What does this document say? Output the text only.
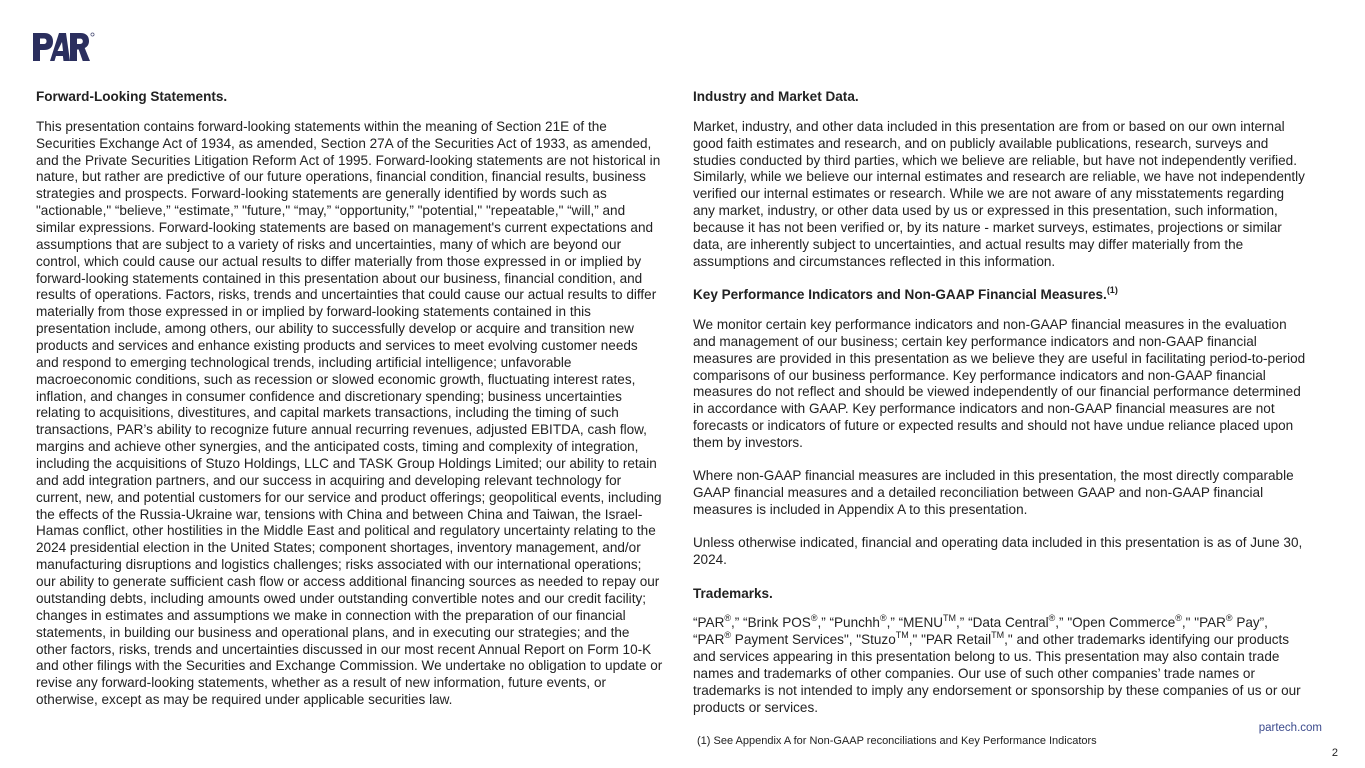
Forward-Looking Statements.

This presentation contains forward-looking statements within the meaning of Section 21E of the Securities Exchange Act of 1934, as amended, Section 27A of the Securities Act of 1933, as amended, and the Private Securities Litigation Reform Act of 1995. Forward-looking statements are not historical in nature, but rather are predictive of our future operations, financial condition, financial results, business strategies and prospects. Forward-looking statements are generally identified by words such as "actionable," “believe,” “estimate,” "future," “may,” “opportunity,” "potential," "repeatable," “will,” and similar expressions. Forward-looking statements are based on management's current expectations and assumptions that are subject to a variety of risks and uncertainties, many of which are beyond our control, which could cause our actual results to differ materially from those expressed in or implied by forward-looking statements contained in this presentation about our business, financial condition, and results of operations. Factors, risks, trends and uncertainties that could cause our actual results to differ materially from those expressed in or implied by forward-looking statements contained in this presentation include, among others, our ability to successfully develop or acquire and transition new products and services and enhance existing products and services to meet evolving customer needs and respond to emerging technological trends, including artificial intelligence; unfavorable macroeconomic conditions, such as recession or slowed economic growth, fluctuating interest rates, inflation, and changes in consumer confidence and discretionary spending; business uncertainties relating to acquisitions, divestitures, and capital markets transactions, including the timing of such transactions, PAR’s ability to recognize future annual recurring revenues, adjusted EBITDA, cash flow, margins and achieve other synergies, and the anticipated costs, timing and complexity of integration, including the acquisitions of Stuzo Holdings, LLC and TASK Group Holdings Limited; our ability to retain and add integration partners, and our success in acquiring and developing relevant technology for current, new, and potential customers for our service and product offerings; geopolitical events, including the effects of the Russia-Ukraine war, tensions with China and between China and Taiwan, the Israel-Hamas conflict, other hostilities in the Middle East and political and regulatory uncertainty relating to the 2024 presidential election in the United States; component shortages, inventory management, and/or manufacturing disruptions and logistics challenges; risks associated with our international operations; our ability to generate sufficient cash flow or access additional financing sources as needed to repay our outstanding debts, including amounts owed under outstanding convertible notes and our credit facility; changes in estimates and assumptions we make in connection with the preparation of our financial statements, in building our business and operational plans, and in executing our strategies; and the other factors, risks, trends and uncertainties discussed in our most recent Annual Report on Form 10-K and other filings with the Securities and Exchange Commission. We undertake no obligation to update or revise any forward-looking statements, whether as a result of new information, future events, or otherwise, except as may be required under applicable securities law.

Industry and Market Data.

Market, industry, and other data included in this presentation are from or based on our own internal good faith estimates and research, and on publicly available publications, research, surveys and studies conducted by third parties, which we believe are reliable, but have not independently verified. Similarly, while we believe our internal estimates and research are reliable, we have not independently verified our internal estimates or research. While we are not aware of any misstatements regarding any market, industry, or other data used by us or expressed in this presentation, such information, because it has not been verified or, by its nature - market surveys, estimates, projections or similar data, are inherently subject to uncertainties, and actual results may differ materially from the assumptions and circumstances reflected in this information.

Key Performance Indicators and Non-GAAP Financial Measures.$^{(1)}$

We monitor certain key performance indicators and non-GAAP financial measures in the evaluation and management of our business; certain key performance indicators and non-GAAP financial measures are provided in this presentation as we believe they are useful in facilitating period-to-period comparisons of our business performance. Key performance indicators and non-GAAP financial measures do not reflect and should be viewed independently of our financial performance determined in accordance with GAAP. Key performance indicators and non-GAAP financial measures are not forecasts or indicators of future or expected results and should not have undue reliance placed upon them by investors.

Where non-GAAP financial measures are included in this presentation, the most directly comparable GAAP financial measures and a detailed reconciliation between GAAP and non-GAAP financial measures is included in Appendix A to this presentation.

Unless otherwise indicated, financial and operating data included in this presentation is as of June 30, 2024.

Trademarks.

“PAR®,” “Brink POS®,” “Punchh®,” “MENU™,” “Data Central®,” "Open Commerce®," "PAR® Pay”, “PAR® Payment Services", "Stuzo™," "PAR Retail™," and other trademarks identifying our products and services appearing in this presentation belong to us. This presentation may also contain trade names and trademarks of other companies. Our use of such other companies’ trade names or trademarks is not intended to imply any endorsement or sponsorship by these companies of us or our products or services.

partech.com
(1) See Appendix A for Non-GAAP reconciliations and Key Performance Indicators
2
